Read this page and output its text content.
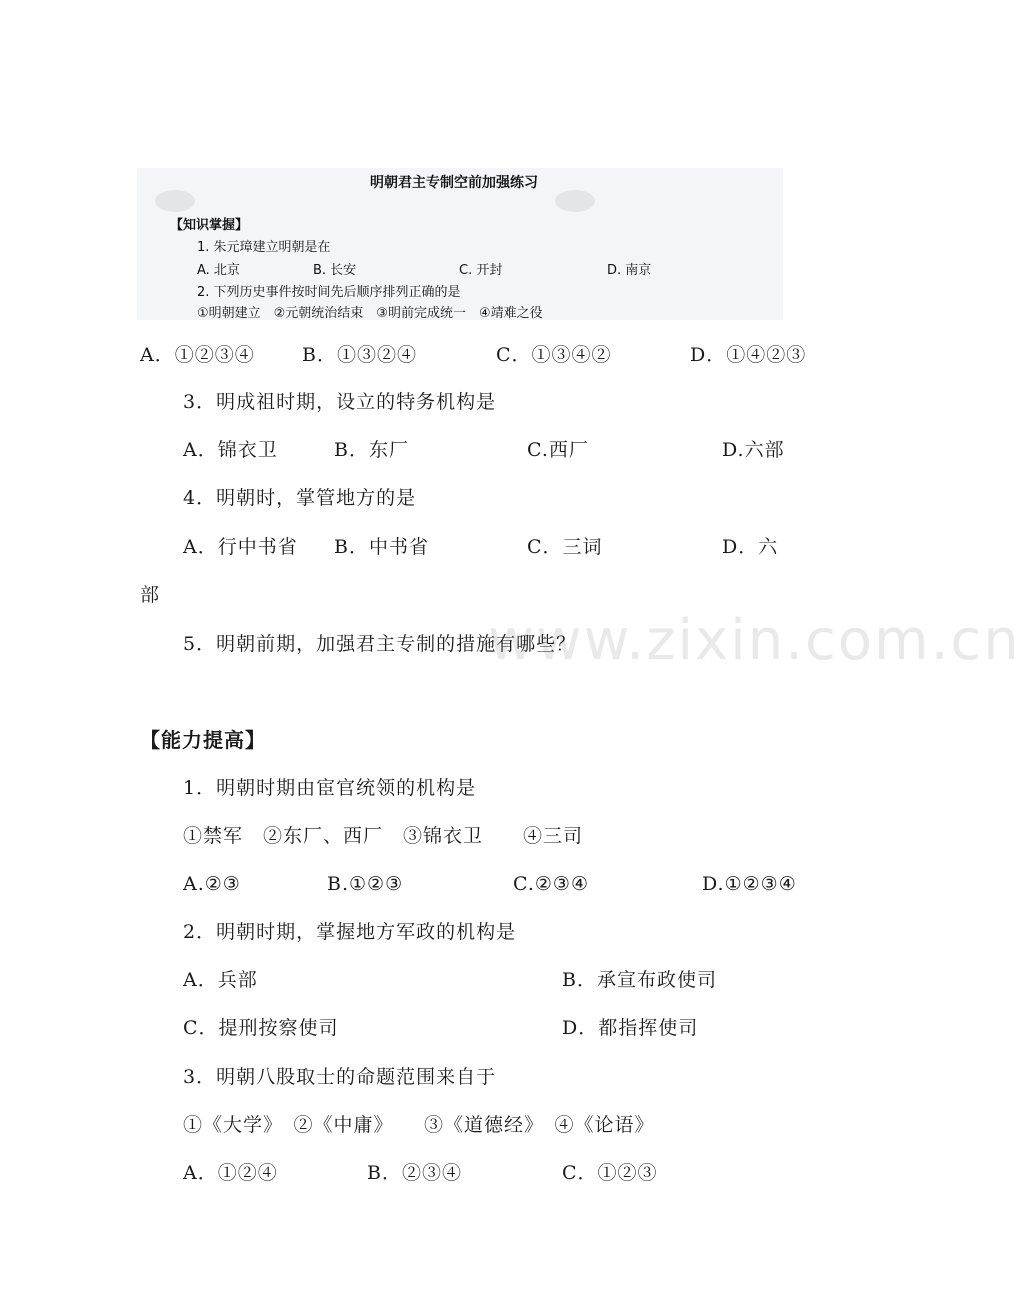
www.zixin.com.cn
明朝君主专制空前加强练习
【知识掌握】
1. 朱元璋建立明朝是在
A. 北京	B. 长安	C. 开封	D. 南京
2. 下列历史事件按时间先后顺序排列正确的是
①明朝建立　②元朝统治结束　③明前完成统一　④靖难之役
A．①②③④ B．①③②④	C．①③④②	D．①④②③
3．明成祖时期，设立的特务机构是
A．锦衣卫	B．东厂	C.西厂	D.六部
4．明朝时，掌管地方的是
A．行中书省 B．中书省	C．三词	D．六
部
5．明朝前期，加强君主专制的措施有哪些？
【能力提高】
1．明朝时期由宦官统领的机构是
①禁军　②东厂、西厂　③锦衣卫　　④三司
A.②③	B.①②③	C.②③④	D.①②③④
2．明朝时期，掌握地方军政的机构是
A．兵部	B．承宣布政使司
C．提刑按察使司	D．都指挥使司
3．明朝八股取士的命题范围来自于
①《大学》　②《中庸》　　③《道德经》　④《论语》
A．①②④	B．②③④	C．①②③
